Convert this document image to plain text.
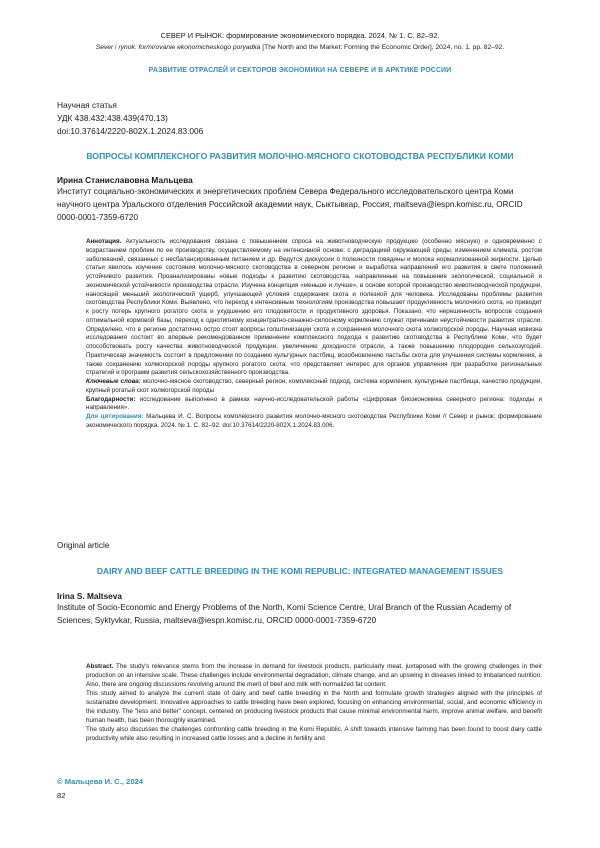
СЕВЕР И РЫНОК: формирование экономического порядка. 2024. № 1. С. 82–92.
Sever i rynok: formirovanie ekonomicheskogo poryadka [The North and the Market: Forming the Economic Order], 2024, no. 1, pp. 82–92.
РАЗВИТИЕ ОТРАСЛЕЙ И СЕКТОРОВ ЭКОНОМИКИ НА СЕВЕРЕ И В АРКТИКЕ РОССИИ
Научная статья
УДК 438.432:438.439(470.13)
doi:10.37614/2220-802X.1.2024.83.006
ВОПРОСЫ КОМПЛЕКСНОГО РАЗВИТИЯ МОЛОЧНО-МЯСНОГО СКОТОВОДСТВА РЕСПУБЛИКИ КОМИ
Ирина Станиславовна Мальцева
Институт социально-экономических и энергетических проблем Севера Федерального исследовательского центра Коми научного центра Уральского отделения Российской академии наук, Сыктывкар, Россия, maltseva@iespn.komisc.ru, ORCID 0000-0001-7359-6720

Аннотация. Актуальность исследования связана с повышением спроса на животноводческую продукцию (особенно мясную) и одновременно с возрастанием проблем по ее производству, осуществляемому на интенсивной основе: с деградацией окружающей среды, изменением климата, ростом заболеваний, связанных с несбалансированным питанием и др. Ведутся дискуссии о полезности говядины и молока нормализованной жирности. Целью статьи явилось изучение состояния молочно-мясного скотоводства в северном регионе и выработка направлений его развития в свете положений устойчивого развития. Проанализированы новые подходы к развитию скотоводства, направленные на повышение экологической, социальной и экономической устойчивости производства отрасли. Изучена концепция «меньше и лучше», в основе которой производство животноводческой продукции, наносящей меньший экологический ущерб, улучшающей условия содержания скота и полезной для человека. Исследованы проблемы развития скотоводства Республики Коми. Выявлено, что переход к интенсивным технологиям производства повышает продуктивность молочного скота, но приводит к росту потерь крупного рогатого скота и ухудшению его плодовитости и продуктивного здоровья. Показано, что нерешенность вопросов создания оптимальной кормовой базы, переход к однотипному концентратно-сенажно-силосному кормлению служат причинами неустойчивости развития отрасли. Определено, что в регионе достаточно остро стоят вопросы голштинизации скота и сохранения молочного скота холмогорской породы. Научная новизна исследования состоит во впервые рекомендованном применении комплексного подхода к развитию скотоводства в Республике Коми, что будет способствовать росту качества животноводческой продукции, увеличению доходности отрасли, а также повышению плодородия сельхозугодий. Практическая значимость состоит в предложении по созданию культурных пастбищ, возобновлению пастьбы скота для улучшения системы кормления, а также сохранению холмогорской породы крупного рогатого скота, что представляет интерес для органов управления при разработке региональных стратегий и программ развития сельскохозяйственного производства.

Ключевые слова: молочно-мясное скотоводство, северный регион, комплексный подход, система кормления, культурные пастбища, качество продукции, крупный рогатый скот холмогорской породы

Благодарности: исследование выполнено в рамках научно-исследовательской работы «Цифровая биоэкономика северного региона: подходы и направления».

Для цитирования: Мальцева И. С. Вопросы комплексного развития молочно-мясного скотоводства Республики Коми // Север и рынок: формирование экономического порядка. 2024. № 1. С. 82–92. doi:10.37614/2220-802X.1.2024.83.006.

Original article
DAIRY AND BEEF CATTLE BREEDING IN THE KOMI REPUBLIC: INTEGRATED MANAGEMENT ISSUES
Irina S. Maltseva
Institute of Socio-Economic and Energy Problems of the North, Komi Science Centre, Ural Branch of the Russian Academy of Sciences, Syktyvkar, Russia, maltseva@iespn.komisc.ru, ORCID 0000-0001-7359-6720

Abstract. The study’s relevance stems from the increase in demand for livestock products, particularly meat, juxtaposed with the growing challenges in their production on an intensive scale. These challenges include environmental degradation, climate change, and an upswing in diseases linked to imbalanced nutrition. Also, there are ongoing discussions revolving around the merit of beef and milk with normalized fat content.

This study aimed to analyze the current state of dairy and beef cattle breeding in the North and formulate growth strategies aligned with the principles of sustainable development. Innovative approaches to cattle breeding have been explored, focusing on enhancing environmental, social, and economic efficiency in the industry. The "less and better" concept, centered on producing livestock products that cause minimal environmental harm, improve animal welfare, and benefit human health, has been thoroughly examined.

The study also discusses the challenges confronting cattle breeding in the Komi Republic. A shift towards intensive farming has been found to boost dairy cattle productivity while also resulting in increased cattle losses and a decline in fertility and

© Мальцева И. С., 2024
82
